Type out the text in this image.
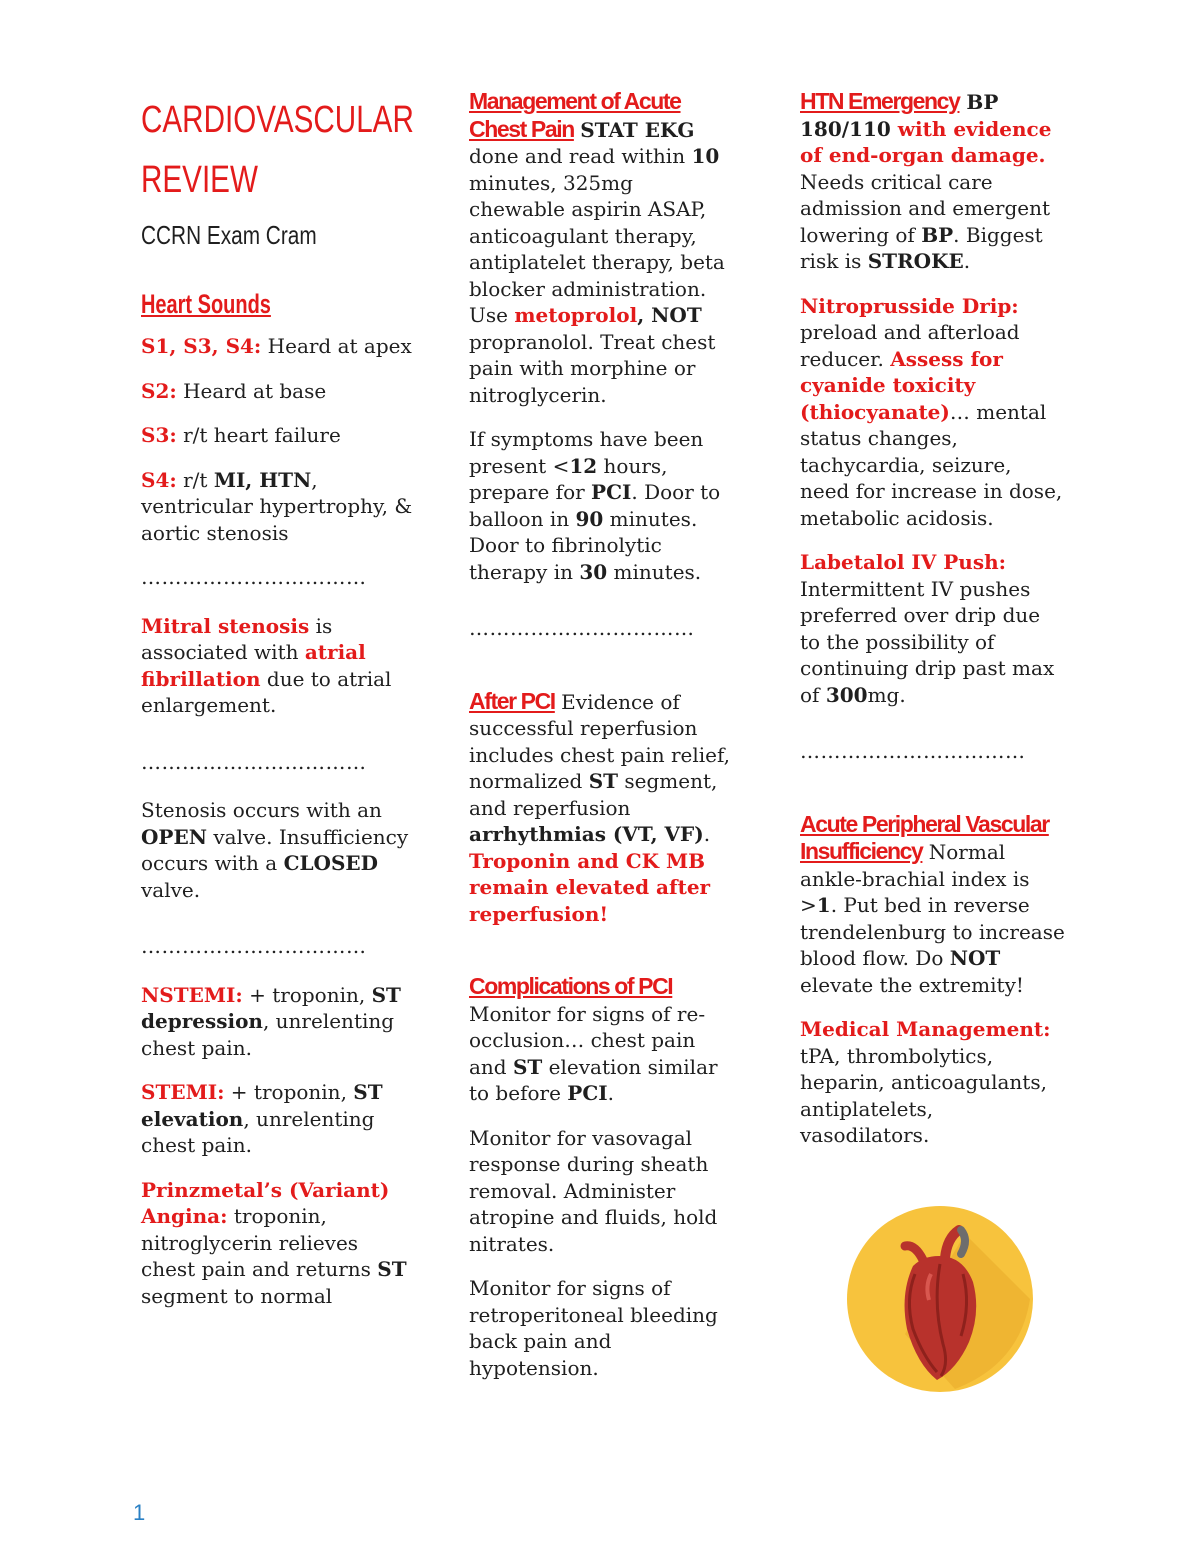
CARDIOVASCULAR REVIEW
CCRN Exam Cram

Heart Sounds

S1, S3, S4: Heard at apex

S2: Heard at base

S3: r/t heart failure

S4: r/t MI, HTN, ventricular hypertrophy, & aortic stenosis

……………………………

Mitral stenosis is associated with atrial fibrillation due to atrial enlargement.

……………………………

Stenosis occurs with an OPEN valve. Insufficiency occurs with a CLOSED valve.

……………………………

NSTEMI: + troponin, ST depression, unrelenting chest pain.

STEMI: + troponin, ST elevation, unrelenting chest pain.

Prinzmetal’s (Variant) Angina: troponin, nitroglycerin relieves chest pain and returns ST segment to normal

Management of Acute Chest Pain STAT EKG done and read within 10 minutes, 325mg chewable aspirin ASAP, anticoagulant therapy, antiplatelet therapy, beta blocker administration. Use metoprolol, NOT propranolol. Treat chest pain with morphine or nitroglycerin.

If symptoms have been present <12 hours, prepare for PCI. Door to balloon in 90 minutes. Door to fibrinolytic therapy in 30 minutes.

……………………………

After PCI Evidence of successful reperfusion includes chest pain relief, normalized ST segment, and reperfusion arrhythmias (VT, VF). Troponin and CK MB remain elevated after reperfusion!

Complications of PCI

Monitor for signs of re-occlusion… chest pain and ST elevation similar to before PCI.

Monitor for vasovagal response during sheath removal. Administer atropine and fluids, hold nitrates.

Monitor for signs of retroperitoneal bleeding back pain and hypotension.

HTN Emergency BP 180/110 with evidence of end-organ damage. Needs critical care admission and emergent lowering of BP. Biggest risk is STROKE.

Nitroprusside Drip: preload and afterload reducer. Assess for cyanide toxicity (thiocyanate)… mental status changes, tachycardia, seizure, need for increase in dose, metabolic acidosis.

Labetalol IV Push: Intermittent IV pushes preferred over drip due to the possibility of continuing drip past max of 300mg.

……………………………

Acute Peripheral Vascular Insufficiency Normal ankle-brachial index is >1. Put bed in reverse trendelenburg to increase blood flow. Do NOT elevate the extremity!

Medical Management: tPA, thrombolytics, heparin, anticoagulants, antiplatelets, vasodilators.

1
